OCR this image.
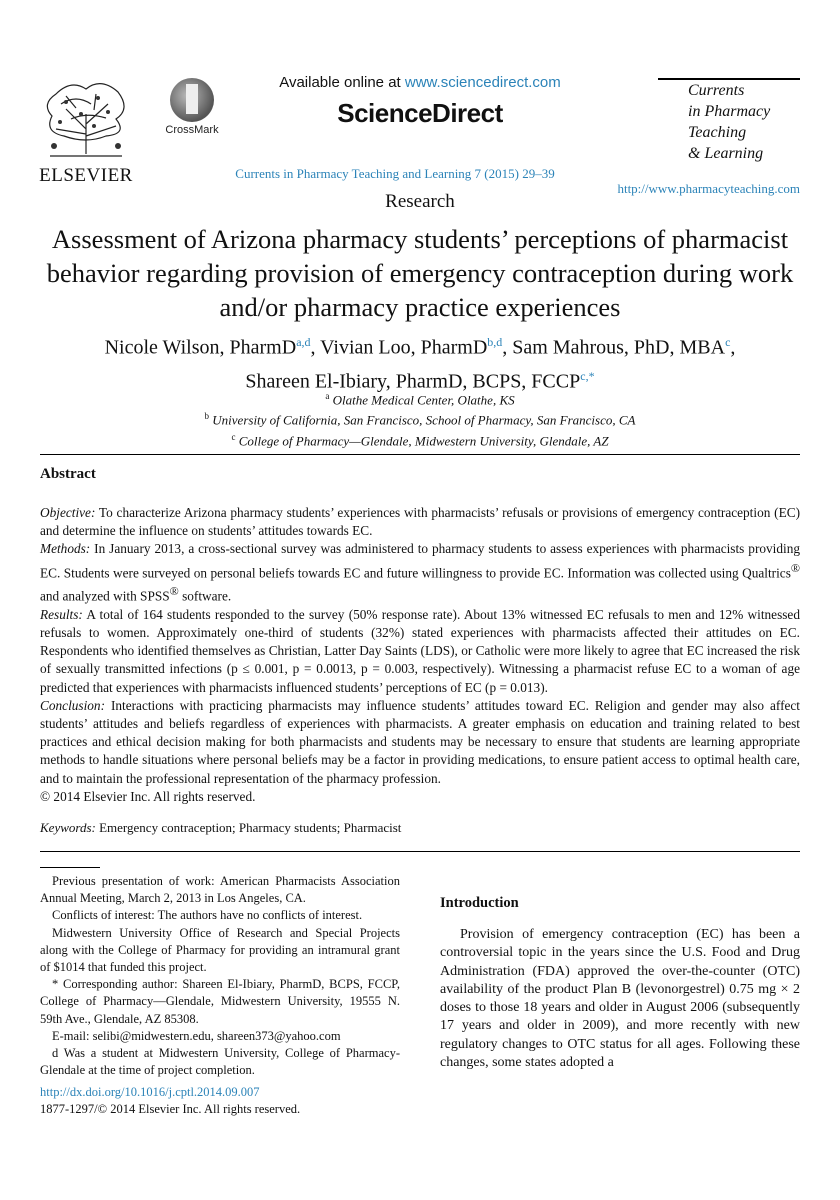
ELSEVIER
CrossMark
Available online at www.sciencedirect.com
ScienceDirect
Currents in Pharmacy Teaching and Learning 7 (2015) 29–39
Currents
in Pharmacy
Teaching
& Learning
http://www.pharmacyteaching.com
Research
Assessment of Arizona pharmacy students’ perceptions of pharmacist behavior regarding provision of emergency contraception during work and/or pharmacy practice experiences
Nicole Wilson, PharmD$^{a,d}$, Vivian Loo, PharmD$^{b,d}$, Sam Mahrous, PhD, MBA$^c$,
Shareen El-Ibiary, PharmD, BCPS, $FCCP^{c,*}$
$^a$ Olathe Medical Center, Olathe, KS
$^b$ University of California, San Francisco, School of Pharmacy, San Francisco, CA
$^c$ College of Pharmacy—Glendale, Midwestern University, Glendale, AZ
Abstract

Objective: To characterize Arizona pharmacy students’ experiences with pharmacists’ refusals or provisions of emergency contraception (EC) and determine the influence on students’ attitudes towards EC.

Methods: In January 2013, a cross-sectional survey was administered to pharmacy students to assess experiences with pharmacists providing EC. Students were surveyed on personal beliefs towards EC and future willingness to provide EC. Information was collected using Qualtrics® and analyzed with SPSS® software.

Results: A total of 164 students responded to the survey (50% response rate). About 13% witnessed EC refusals to men and 12% witnessed refusals to women. Approximately one-third of students (32%) stated experiences with pharmacists affected their attitudes on EC. Respondents who identified themselves as Christian, Latter Day Saints (LDS), or Catholic were more likely to agree that EC increased the risk of sexually transmitted infections (p ≤ 0.001, p = 0.0013, p = 0.003, respectively). Witnessing a pharmacist refuse EC to a woman of age predicted that experiences with pharmacists influenced students’ perceptions of EC (p = 0.013).

Conclusion: Interactions with practicing pharmacists may influence students’ attitudes toward EC. Religion and gender may also affect students’ attitudes and beliefs regardless of experiences with pharmacists. A greater emphasis on education and training related to best practices and ethical decision making for both pharmacists and students may be necessary to ensure that students are learning appropriate methods to handle situations where personal beliefs may be a factor in providing medications, to ensure patient access to optimal health care, and to maintain the professional representation of the pharmacy profession.

© 2014 Elsevier Inc. All rights reserved.

Keywords: Emergency contraception; Pharmacy students; Pharmacist

Previous presentation of work: American Pharmacists Association Annual Meeting, March 2, 2013 in Los Angeles, CA.

Conflicts of interest: The authors have no conflicts of interest.

Midwestern University Office of Research and Special Projects along with the College of Pharmacy for providing an intramural grant of $1014 that funded this project.

* Corresponding author: Shareen El-Ibiary, PharmD, BCPS, FCCP, College of Pharmacy—Glendale, Midwestern University, 19555 N. 59th Ave., Glendale, AZ 85308.

E-mail: selibi@midwestern.edu, shareen373@yahoo.com

d Was a student at Midwestern University, College of Pharmacy-Glendale at the time of project completion.

http://dx.doi.org/10.1016/j.cptl.2014.09.007
1877-1297/© 2014 Elsevier Inc. All rights reserved.
Introduction

Provision of emergency contraception (EC) has been a controversial topic in the years since the U.S. Food and Drug Administration (FDA) approved the over-the-counter (OTC) availability of the product Plan B (levonorgestrel) 0.75 mg × 2 doses to those 18 years and older in August 2006 (subsequently 17 years and older in 2009), and more recently with new regulatory changes to OTC status for all ages. Following these changes, some states adopted a
